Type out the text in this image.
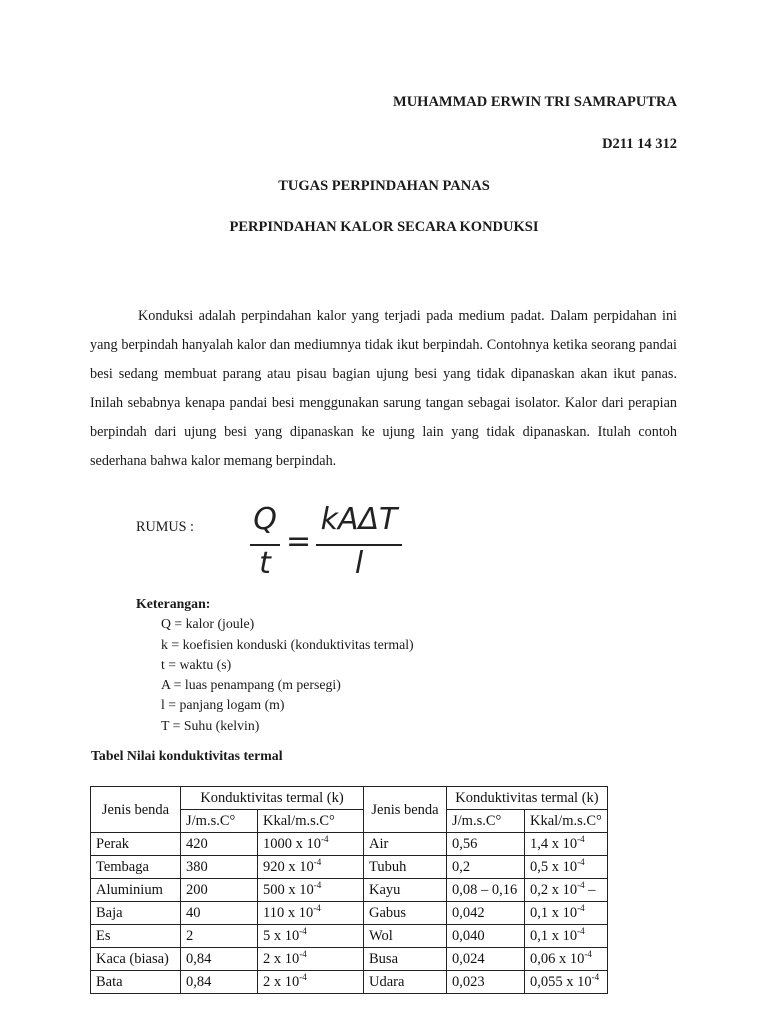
MUHAMMAD ERWIN TRI SAMRAPUTRA
D211 14 312
TUGAS PERPINDAHAN PANAS
PERPINDAHAN KALOR SECARA KONDUKSI

Konduksi adalah perpindahan kalor yang terjadi pada medium padat. Dalam perpidahan ini yang berpindah hanyalah kalor dan mediumnya tidak ikut berpindah. Contohnya ketika seorang pandai besi sedang membuat parang atau pisau bagian ujung besi yang tidak dipanaskan akan ikut panas. Inilah sebabnya kenapa pandai besi menggunakan sarung tangan sebagai isolator. Kalor dari perapian berpindah dari ujung besi yang dipanaskan ke ujung lain yang tidak dipanaskan. Itulah contoh sederhana bahwa kalor memang berpindah.

RUMUS : Q
t
=
kAΔT
l
Keterangan:
Q = kalor (joule)
k = koefisien konduski (konduktivitas termal)
t = waktu (s)
A = luas penampang (m persegi)
l = panjang logam (m)
T = Suhu (kelvin)
Tabel Nilai konduktivitas termal
Jenis benda	Konduktivitas termal (k)		Jenis benda	Konduktivitas termal (k)	
	J/m.s.C°	Kkal/m.s.C°		J/m.s.C°	Kkal/m.s.C°
Perak	420	1000 x $10^{-4}$	Air	0,56	1,4 x $10^{-4}$
Tembaga	380	920 x $10^{-4}$	Tubuh	0,2	0,5 x $10^{-4}$
Aluminium	200	500 x $10^{-4}$	Kayu	0,08 – 0,16	0,2 x $10^{-4}$ –
Baja	40	110 x $10^{-4}$	Gabus	0,042	0,1 x $10^{-4}$
Es	2	5 x $10^{-4}$	Wol	0,040	0,1 x $10^{-4}$
Kaca (biasa)	0,84	2 x $10^{-4}$	Busa	0,024	0,06 x $10^{-4}$
Bata	0,84	2 x $10^{-4}$	Udara	0,023	0,055 x $10^{-4}$
